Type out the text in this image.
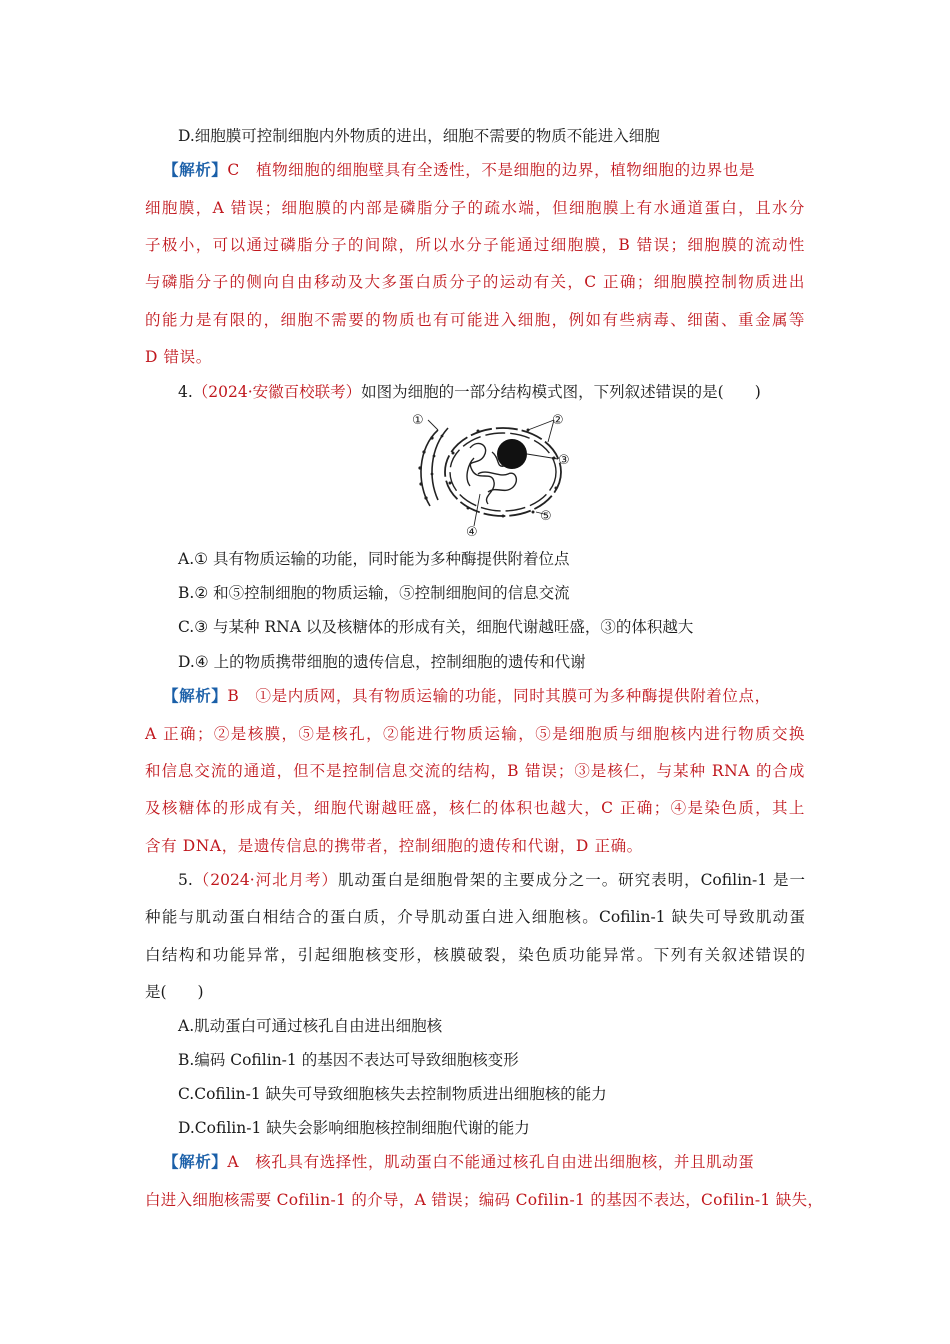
D.细胞膜可控制细胞内外物质的进出，细胞不需要的物质不能进入细胞
【解析】C　植物细胞的细胞壁具有全透性，不是细胞的边界，植物细胞的边界也是
细胞膜，A 错误；细胞膜的内部是磷脂分子的疏水端，但细胞膜上有水通道蛋白，且水分
子极小，可以通过磷脂分子的间隙，所以水分子能通过细胞膜，B 错误；细胞膜的流动性
与磷脂分子的侧向自由移动及大多蛋白质分子的运动有关，C 正确；细胞膜控制物质进出
的能力是有限的，细胞不需要的物质也有可能进入细胞，例如有些病毒、细菌、重金属等
D 错误。
4.（2024·安徽百校联考）如图为细胞的一部分结构模式图，下列叙述错误的是(　　)
①	②
③
④
⑤
A.① 具有物质运输的功能，同时能为多种酶提供附着位点
B.② 和⑤控制细胞的物质运输，⑤控制细胞间的信息交流
C.③ 与某种 RNA 以及核糖体的形成有关，细胞代谢越旺盛，③的体积越大
D.④ 上的物质携带细胞的遗传信息，控制细胞的遗传和代谢
【解析】B　①是内质网，具有物质运输的功能，同时其膜可为多种酶提供附着位点，
A 正确；②是核膜，⑤是核孔，②能进行物质运输，⑤是细胞质与细胞核内进行物质交换
和信息交流的通道，但不是控制信息交流的结构，B 错误；③是核仁，与某种 RNA 的合成
及核糖体的形成有关，细胞代谢越旺盛，核仁的体积也越大，C 正确；④是染色质，其上
含有 DNA，是遗传信息的携带者，控制细胞的遗传和代谢，D 正确。
5.（2024·河北月考）肌动蛋白是细胞骨架的主要成分之一。研究表明，Cofilin-1 是一
种能与肌动蛋白相结合的蛋白质，介导肌动蛋白进入细胞核。Cofilin-1 缺失可导致肌动蛋
白结构和功能异常，引起细胞核变形，核膜破裂，染色质功能异常。下列有关叙述错误的
是(　　)
A.肌动蛋白可通过核孔自由进出细胞核
B.编码 Cofilin-1 的基因不表达可导致细胞核变形
C.Cofilin-1 缺失可导致细胞核失去控制物质进出细胞核的能力
D.Cofilin-1 缺失会影响细胞核控制细胞代谢的能力
【解析】A　核孔具有选择性，肌动蛋白不能通过核孔自由进出细胞核，并且肌动蛋
白进入细胞核需要 Cofilin-1 的介导，A 错误；编码 Cofilin-1 的基因不表达，Cofilin-1 缺失，
